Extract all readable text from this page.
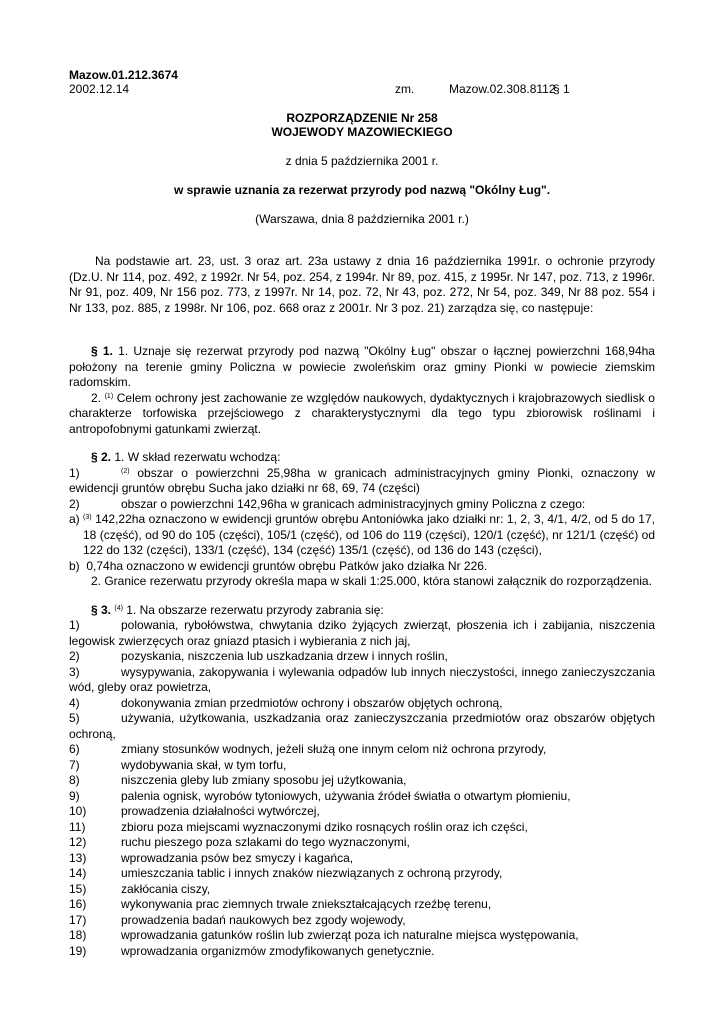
Mazow.01.212.3674
2002.12.14	zm.	Mazow.02.308.8112
§ 1
ROZPORZĄDZENIE Nr 258
WOJEWODY MAZOWIECKIEGO
z dnia 5 października 2001 r.
w sprawie uznania za rezerwat przyrody pod nazwą "Okólny Ług".
(Warszawa, dnia 8 października 2001 r.)

Na podstawie art. 23, ust. 3 oraz art. 23a ustawy z dnia 16 października 1991r. o ochronie przyrody (Dz.U. Nr 114, poz. 492, z 1992r. Nr 54, poz. 254, z 1994r. Nr 89, poz. 415, z 1995r. Nr 147, poz. 713, z 1996r. Nr 91, poz. 409, Nr 156 poz. 773, z 1997r. Nr 14, poz. 72, Nr 43, poz. 272, Nr 54, poz. 349, Nr 88 poz. 554 i Nr 133, poz. 885, z 1998r. Nr 106, poz. 668 oraz z 2001r. Nr 3 poz. 21) zarządza się, co następuje:

§ 1. 1. Uznaje się rezerwat przyrody pod nazwą "Okólny Ług" obszar o łącznej powierzchni 168,94ha położony na terenie gminy Policzna w powiecie zwoleńskim oraz gminy Pionki w powiecie ziemskim radomskim.

2. $^{(1)}$ Celem ochrony jest zachowanie ze względów naukowych, dydaktycznych i krajobrazowych siedlisk o charakterze torfowiska przejściowego z charakterystycznymi dla tego typu zbiorowisk roślinami i antropofobnymi gatunkami zwierząt.

§ 2. 1. W skład rezerwatu wchodzą:

1)	$^{(2)}$ obszar o powierzchni 25,98ha w granicach administracyjnych gminy Pionki, oznaczony w ewidencji gruntów obrębu Sucha jako działki nr 68, 69, 74 (części)

2)	obszar o powierzchni 142,96ha w granicach administracyjnych gminy Policzna z czego:

a) $^{(3)}$ 142,22ha oznaczono w ewidencji gruntów obrębu Antoniówka jako działki nr: 1, 2, 3, 4/1, 4/2, od 5 do 17, 18 (część), od 90 do 105 (części), 105/1 (część), od 106 do 119 (części), 120/1 (część), nr 121/1 (część) od 122 do 132 (części), 133/1 (część), 134 (część) 135/1 (część), od 136 do 143 (części),
b) 0,74ha oznaczono w ewidencji gruntów obrębu Patków jako działka Nr 226.

2. Granice rezerwatu przyrody określa mapa w skali 1:25.000, która stanowi załącznik do rozporządzenia.

§ 3. $^{(4)}$ 1. Na obszarze rezerwatu przyrody zabrania się:

1)	polowania, rybołówstwa, chwytania dziko żyjących zwierząt, płoszenia ich i zabijania, niszczenia legowisk zwierzęcych oraz gniazd ptasich i wybierania z nich jaj,

2)	pozyskania, niszczenia lub uszkadzania drzew i innych roślin,

3)	wysypywania, zakopywania i wylewania odpadów lub innych nieczystości, innego zanieczyszczania wód, gleby oraz powietrza,

4)	dokonywania zmian przedmiotów ochrony i obszarów objętych ochroną,

5)	używania, użytkowania, uszkadzania oraz zanieczyszczania przedmiotów oraz obszarów objętych ochroną,

6)	zmiany stosunków wodnych, jeżeli służą one innym celom niż ochrona przyrody,

7)	wydobywania skał, w tym torfu,

8)	niszczenia gleby lub zmiany sposobu jej użytkowania,

9)	palenia ognisk, wyrobów tytoniowych, używania źródeł światła o otwartym płomieniu,

10)	prowadzenia działalności wytwórczej,

11)	zbioru poza miejscami wyznaczonymi dziko rosnących roślin oraz ich części,

12)	ruchu pieszego poza szlakami do tego wyznaczonymi,

13)	wprowadzania psów bez smyczy i kagańca,

14)	umieszczania tablic i innych znaków niezwiązanych z ochroną przyrody,

15)	zakłócania ciszy,

16)	wykonywania prac ziemnych trwale zniekształcających rzeźbę terenu,

17)	prowadzenia badań naukowych bez zgody wojewody,

18)	wprowadzania gatunków roślin lub zwierząt poza ich naturalne miejsca występowania,

19)	wprowadzania organizmów zmodyfikowanych genetycznie.
